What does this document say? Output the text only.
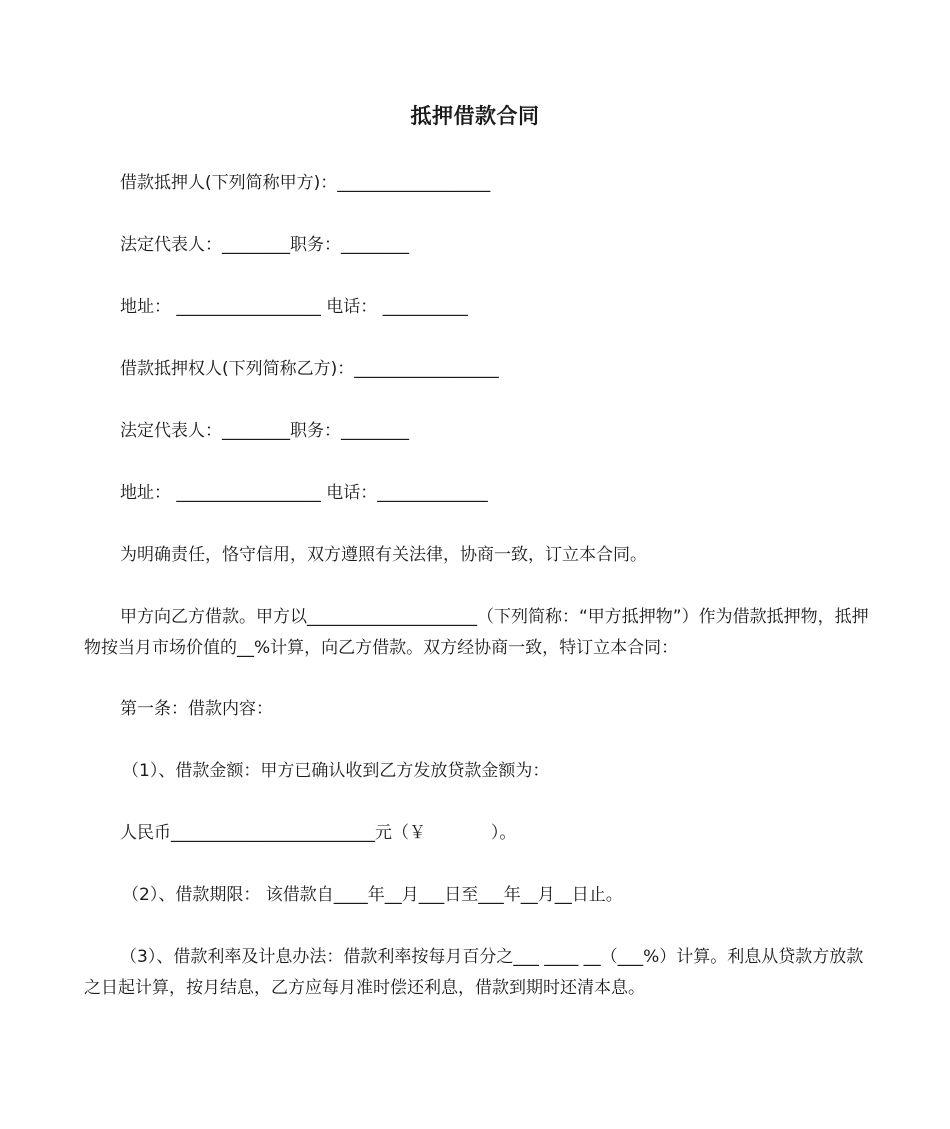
抵押借款合同
借款抵押人(下列简称甲方)：__________________
法定代表人：________职务：________
地址： _________________ 电话： __________
借款抵押权人(下列简称乙方)：_________________
法定代表人：________职务：________
地址： _________________ 电话：_____________
为明确责任，恪守信用，双方遵照有关法律，协商一致，订立本合同。
甲方向乙方借款。甲方以____________________（下列简称：“甲方抵押物”）作为借款抵押物，抵押物按当月市场价值的__%计算，向乙方借款。双方经协商一致，特订立本合同：
第一条：借款内容：
（1）、借款金额：甲方已确认收到乙方发放贷款金额为：
人民币________________________元（￥            ）。
（2）、借款期限： 该借款自____年__月___日至___年__月__日止。
（3）、借款利率及计息办法：借款利率按每月百分之___ ____ __（___%）计算。利息从贷款方放款之日起计算，按月结息，乙方应每月准时偿还利息，借款到期时还清本息。
